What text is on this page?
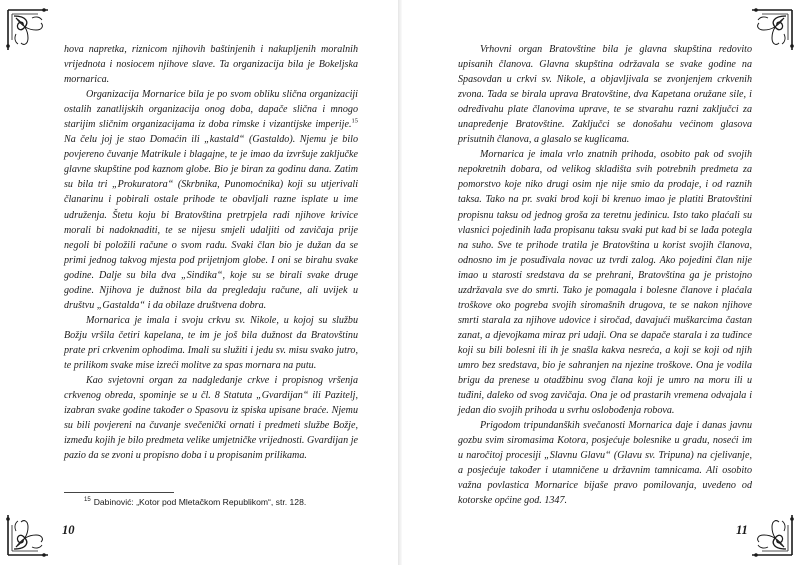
hova napretka, riznicom njihovih baštinjenih i nakupljenih moralnih vrijednota i nosiocem njihove slave. Ta organizacija bila je Bokeljska mornarica.

Organizacija Mornarice bila je po svom obliku slična organizaciji ostalih zanatlijskih organizacija onog doba, dapače slična i mnogo starijim sličnim organizacijama iz doba rimske i vizantijske imperije.$^{15}$ Na čelu joj je stao Domaćin ili „kastald“ (Gastaldo). Njemu je bilo povjereno čuvanje Matrikule i blagajne, te je imao da izvršuje zaključke glavne skupštine pod kaznom globe. Bio je biran za godinu dana. Zatim su bila tri „Prokuratora“ (Skrbnika, Punomoćnika) koji su utjerivali članarinu i pobirali ostale prihode te obavljali razne isplate u ime udruženja. Štetu koju bi Bratovština pretrpjela radi njihove krivice morali bi nadoknaditi, te se nijesu smjeli udaljiti od zavičaja prije negoli bi položili račune o svom radu. Svaki član bio je dužan da se primi jednog takvog mjesta pod prijetnjom globe. I oni se birahu svake godine. Dalje su bila dva „Sindika“, koje su se birali svake druge godine. Njihova je dužnost bila da pregledaju račune, ali uvijek u društvu „Gastalda“ i da obilaze društvena dobra.

Mornarica je imala i svoju crkvu sv. Nikole, u kojoj su službu Božju vršila četiri kapelana, te im je još bila dužnost da Bratovštinu prate pri crkvenim ophodima. Imali su služiti i jedu sv. misu svako jutro, te prilikom svake mise izreći molitve za spas mornara na putu.

Kao svjetovni organ za nadgledanje crkve i propisnog vršenja crkvenog obreda, spominje se u čl. 8 Statuta „Gvardijan“ ili Pazitelj, izabran svake godine također o Spasovu iz spiska upisane braće. Njemu su bili povjereni na čuvanje svečenički ornati i predmeti službe Božje, između kojih je bilo predmeta velike umjetničke vrijednosti. Gvardijan je pazio da se zvoni u propisno doba i u propisanim prilikama.

$^{15}$ Dabinović: „Kotor pod Mletačkom Republikom“, str. 128.
10

Vrhovni organ Bratovštine bila je glavna skupština redovito upisanih članova. Glavna skupština održavala se svake godine na Spasovdan u crkvi sv. Nikole, a objavljivala se zvonjenjem crkvenih zvona. Tada se birala uprava Bratovštine, dva Kapetana oružane sile, i određivahu plate članovima uprave, te se stvarahu razni zaključci za unapređenje Bratovštine. Zaključci se donošahu većinom glasova prisutnih članova, a glasalo se kuglicama.

Mornarica je imala vrlo znatnih prihoda, osobito pak od svojih nepokretnih dobara, od velikog skladišta svih potrebnih predmeta za pomorstvo koje niko drugi osim nje nije smio da prodaje, i od raznih taksa. Tako na pr. svaki brod koji bi krenuo imao je platiti Bratovštini propisnu taksu od jednog groša za teretnu jedinicu. Isto tako plaćali su vlasnici pojedinih lađa propisanu taksu svaki put kad bi se lađa potegla na suho. Sve te prihode tratila je Bratovština u korist svojih članova, odnosno im je posuđivala novac uz tvrdi zalog. Ako pojedini član nije imao u starosti sredstava da se prehrani, Bratovština ga je pristojno uzdržavala sve do smrti. Tako je pomagala i bolesne članove i plaćala troškove oko pogreba svojih siromašnih drugova, te se nakon njihove smrti starala za njihove udovice i siročad, davajući muškarcima častan zanat, a djevojkama miraz pri udaji. Ona se dapače starala i za tuđince koji su bili bolesni ili ih je snašla kakva nesreća, a koji se koji od njih umro bez sredstava, bio je sahranjen na njezine troškove. Ona je vodila brigu da prenese u otadžbinu svog člana koji je umro na moru ili u tuđini, daleko od svog zavičaja. Ona je od prastarih vremena odvajala i jedan dio svojih prihoda u svrhu oslobođenja robova.

Prigodom tripundanških svečanosti Mornarica daje i danas javnu gozbu svim siromasima Kotora, posjećuje bolesnike u gradu, noseći im u naročitoj procesiji „Slavnu Glavu“ (Glavu sv. Tripuna) na cjelivanje, a posjećuje također i utamničene u državnim tamnicama. Ali osobito važna povlastica Mornarice bijaše pravo pomilovanja, uvedeno od kotorske općine god. 1347.

11
